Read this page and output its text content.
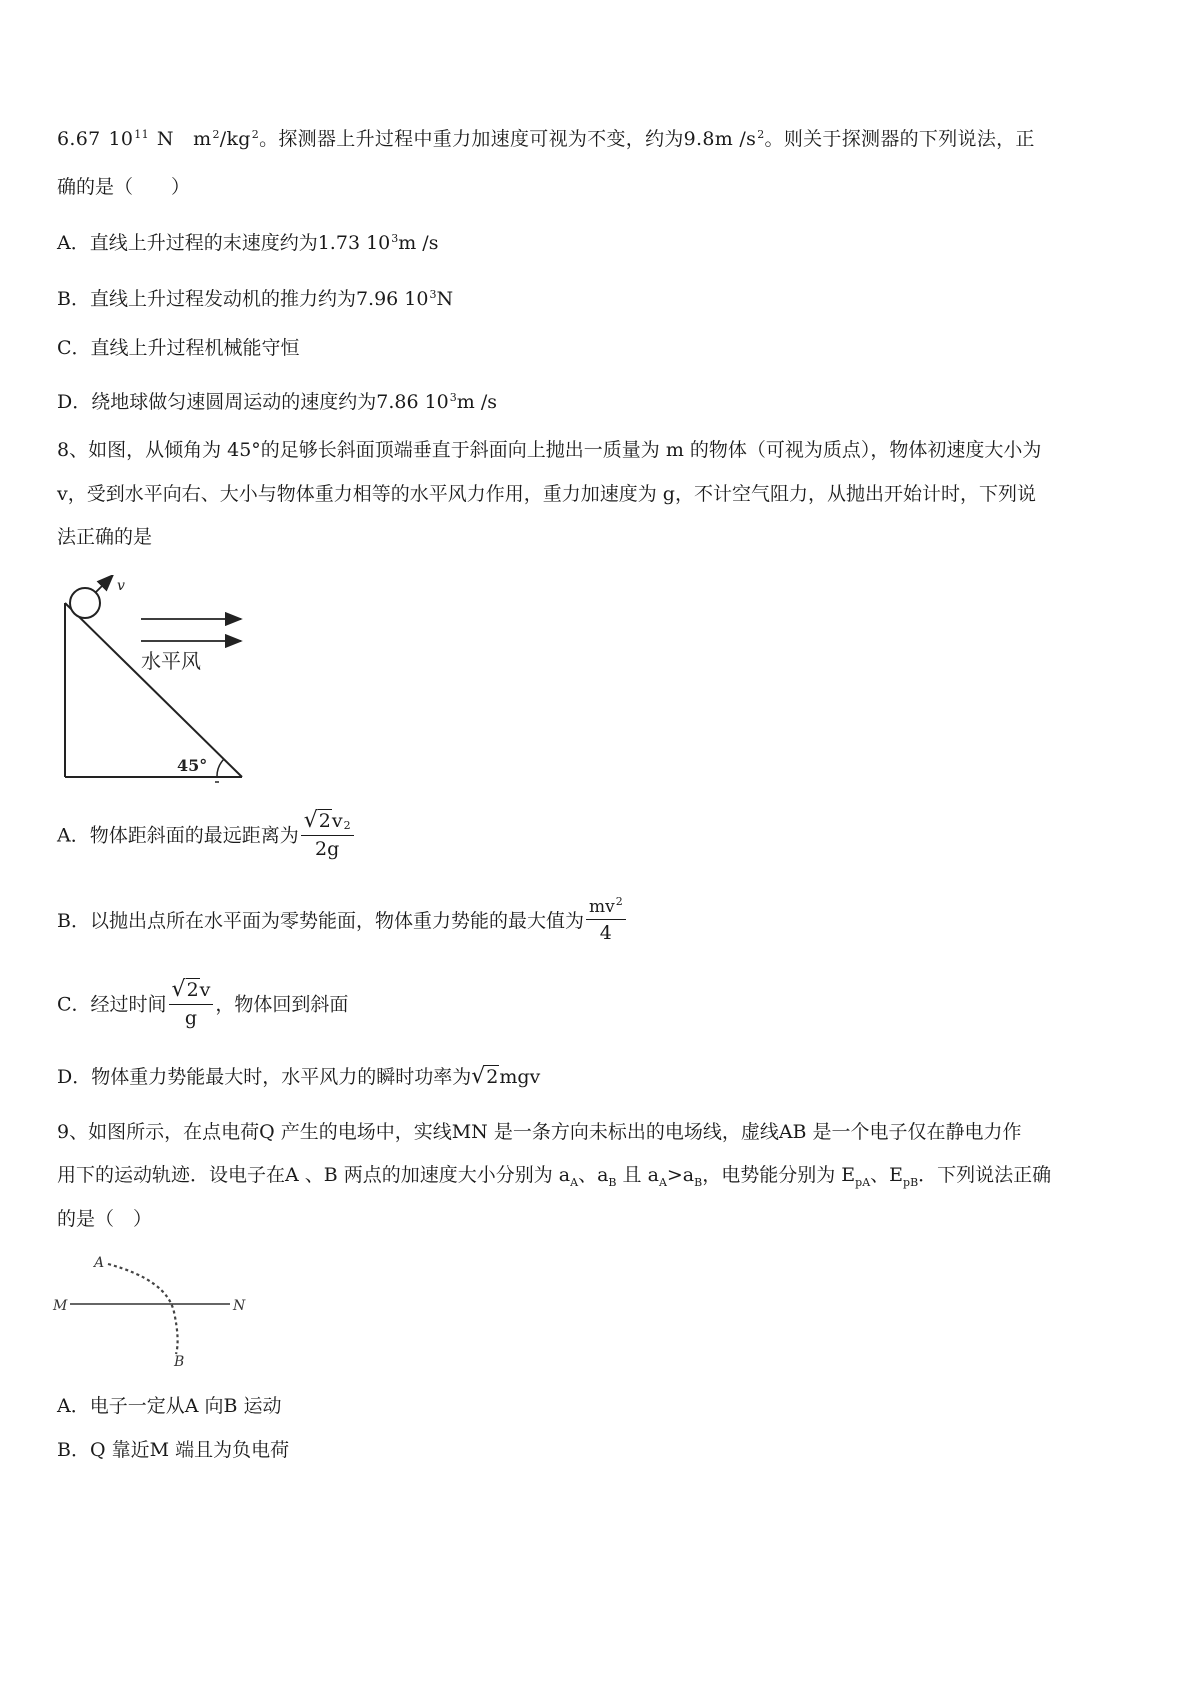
6.67 $10^{11}$ N　$m^2/kg^2$。探测器上升过程中重力加速度可视为不变，约为9.8m $/s^2$。则关于探测器的下列说法，正
确的是（　　）
A．直线上升过程的末速度约为1.73 $10^3m$ /s
B．直线上升过程发动机的推力约为7.96 $10^3N$
C．直线上升过程机械能守恒
D．绕地球做匀速圆周运动的速度约为7.86 $10^3m$ /s
8、如图，从倾角为 45°的足够长斜面顶端垂直于斜面向上抛出一质量为 m 的物体（可视为质点），物体初速度大小为
v，受到水平向右、大小与物体重力相等的水平风力作用，重力加速度为 g，不计空气阻力，从抛出开始计时，下列说
法正确的是
v
水平风
45°
A．物体距斜面的最远距离为 $\frac{√2v2}{2g}$
B．以抛出点所在水平面为零势能面，物体重力势能的最大值为 $\frac{mv^2}{4}$
C．经过时间 $\frac{√2v}{g}$ ，物体回到斜面
D．物体重力势能最大时，水平风力的瞬时功率为√2mgv
9、如图所示，在点电荷Q 产生的电场中，实线MN 是一条方向未标出的电场线，虚线AB 是一个电子仅在静电力作
用下的运动轨迹．设电子在A 、B 两点的加速度大小分别为 $a_A$、$a_B$ 且 $a_A>a_B$，电势能分别为 $E_{pA}$、$E_{pB}$．下列说法正确
的是（　）
A
B
M	N
A．电子一定从A 向B 运动
B．Q 靠近M 端且为负电荷
